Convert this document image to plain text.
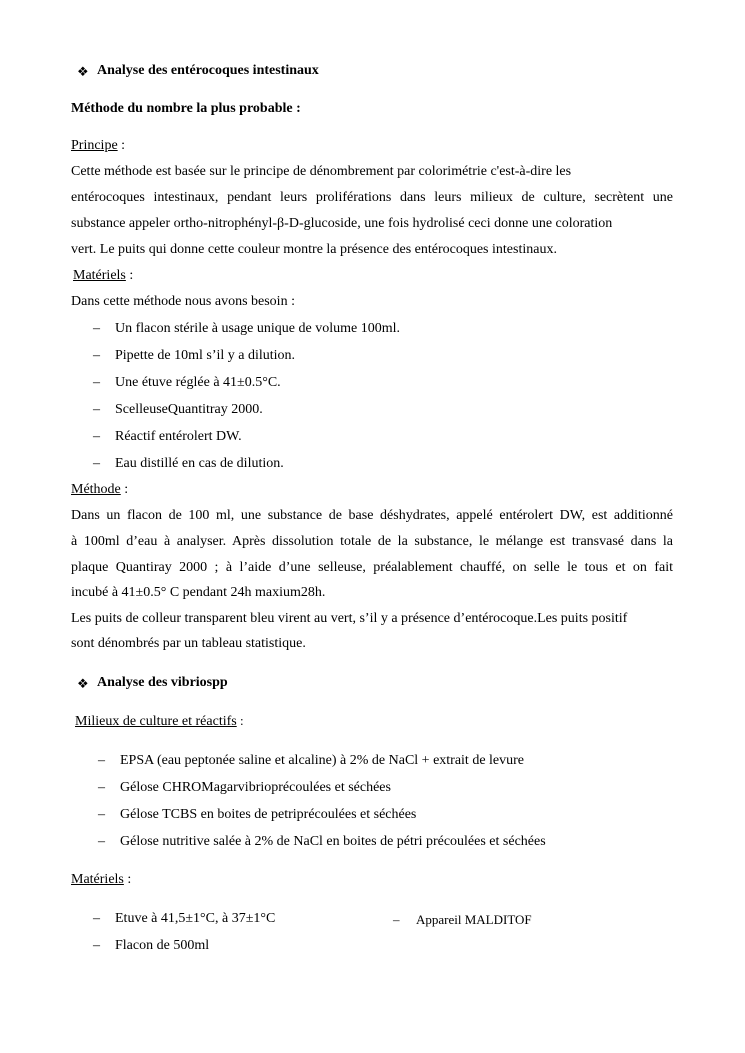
❖ Analyse des entérocoques intestinaux
Méthode du nombre la plus probable :
Principe :
Cette méthode est basée sur le principe de dénombrement par colorimétrie c'est-à-dire les
entérocoques intestinaux, pendant leurs proliférations dans leurs milieux de culture, secrètent une
substance appeler ortho-nitrophényl-β-D-glucoside, une fois hydrolisé ceci donne une coloration
vert. Le puits qui donne cette couleur montre la présence des entérocoques intestinaux.
Matériels :
Dans cette méthode nous avons besoin :
– Un flacon stérile à usage unique de volume 100ml.
– Pipette de 10ml s’il y a dilution.
– Une étuve réglée à 41±0.5°C.
– ScelleuseQuantitray 2000.
– Réactif entérolert DW.
– Eau distillé en cas de dilution.
Méthode :
Dans un flacon de 100 ml, une substance de base déshydrates, appelé entérolert DW, est additionné
à 100ml d’eau à analyser. Après dissolution totale de la substance, le mélange est transvasé dans la
plaque Quantiray 2000 ; à l’aide d’une selleuse, préalablement chauffé, on selle le tous et on fait
incubé à 41±0.5° C pendant 24h maxium28h.
Les puits de colleur transparent bleu virent au vert, s’il y a présence d’entérocoque.Les puits positif
sont dénombrés par un tableau statistique.
❖ Analyse des vibriospp
Milieux de culture et réactifs :
– EPSA (eau peptonée saline et alcaline) à 2% de NaCl + extrait de levure
– Gélose CHROMagarvibrioprécoulées et séchées
– Gélose TCBS en boites de petriprécoulées et séchées
– Gélose nutritive salée à 2% de NaCl en boites de pétri précoulées et séchées
Matériels :
– Etuve à 41,5±1°C, à 37±1°C	– Appareil MALDITOF
– Flacon de 500ml
